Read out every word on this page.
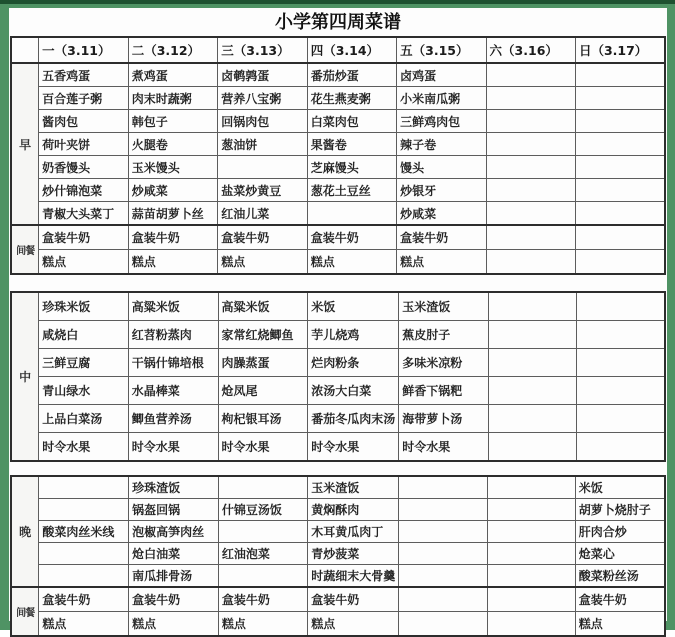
小学第四周菜谱
	一（3.11）	二（3.12）	三（3.13）	四（3.14）	五（3.15）	六（3.16）	日（3.17）
早	五香鸡蛋	煮鸡蛋	卤鹌鹑蛋	番茄炒蛋	卤鸡蛋		
	百合莲子粥	肉末时蔬粥	营养八宝粥	花生燕麦粥	小米南瓜粥		
	酱肉包	韩包子	回锅肉包	白菜肉包	三鲜鸡肉包		
	荷叶夹饼	火腿卷	葱油饼	果酱卷	辣子卷		
	奶香馒头	玉米馒头		芝麻馒头	馒头		
	炒什锦泡菜	炒咸菜	盐菜炒黄豆	葱花土豆丝	炒银牙		
	青椒大头菜丁	蒜苗胡萝卜丝	红油儿菜		炒咸菜		
间餐	盒装牛奶	盒装牛奶	盒装牛奶	盒装牛奶	盒装牛奶		
	糕点	糕点	糕点	糕点	糕点		
中	珍珠米饭	高粱米饭	高粱米饭	米饭	玉米渣饭		
	咸烧白	红苕粉蒸肉	家常红烧鲫鱼	芋儿烧鸡	蕉皮肘子		
	三鲜豆腐	干锅什锦培根	肉臊蒸蛋	烂肉粉条	多味米凉粉		
	青山绿水	水晶棒菜	炝凤尾	浓汤大白菜	鲜香下锅粑		
	上品白菜汤	鲫鱼营养汤	枸杞银耳汤	番茄冬瓜肉末汤	海带萝卜汤		
	时令水果	时令水果	时令水果	时令水果	时令水果		
晚		珍珠渣饭		玉米渣饭			米饭
		锅盔回锅	什锦豆汤饭	黄焖酥肉			胡萝卜烧肘子
	酸菜肉丝米线	泡椒高笋肉丝		木耳黄瓜肉丁			肝肉合炒
		炝白油菜	红油泡菜	青炒菠菜			炝菜心
		南瓜排骨汤		时蔬细末大骨羹			酸菜粉丝汤
间餐	盒装牛奶	盒装牛奶	盒装牛奶	盒装牛奶			盒装牛奶
	糕点	糕点	糕点	糕点			糕点
